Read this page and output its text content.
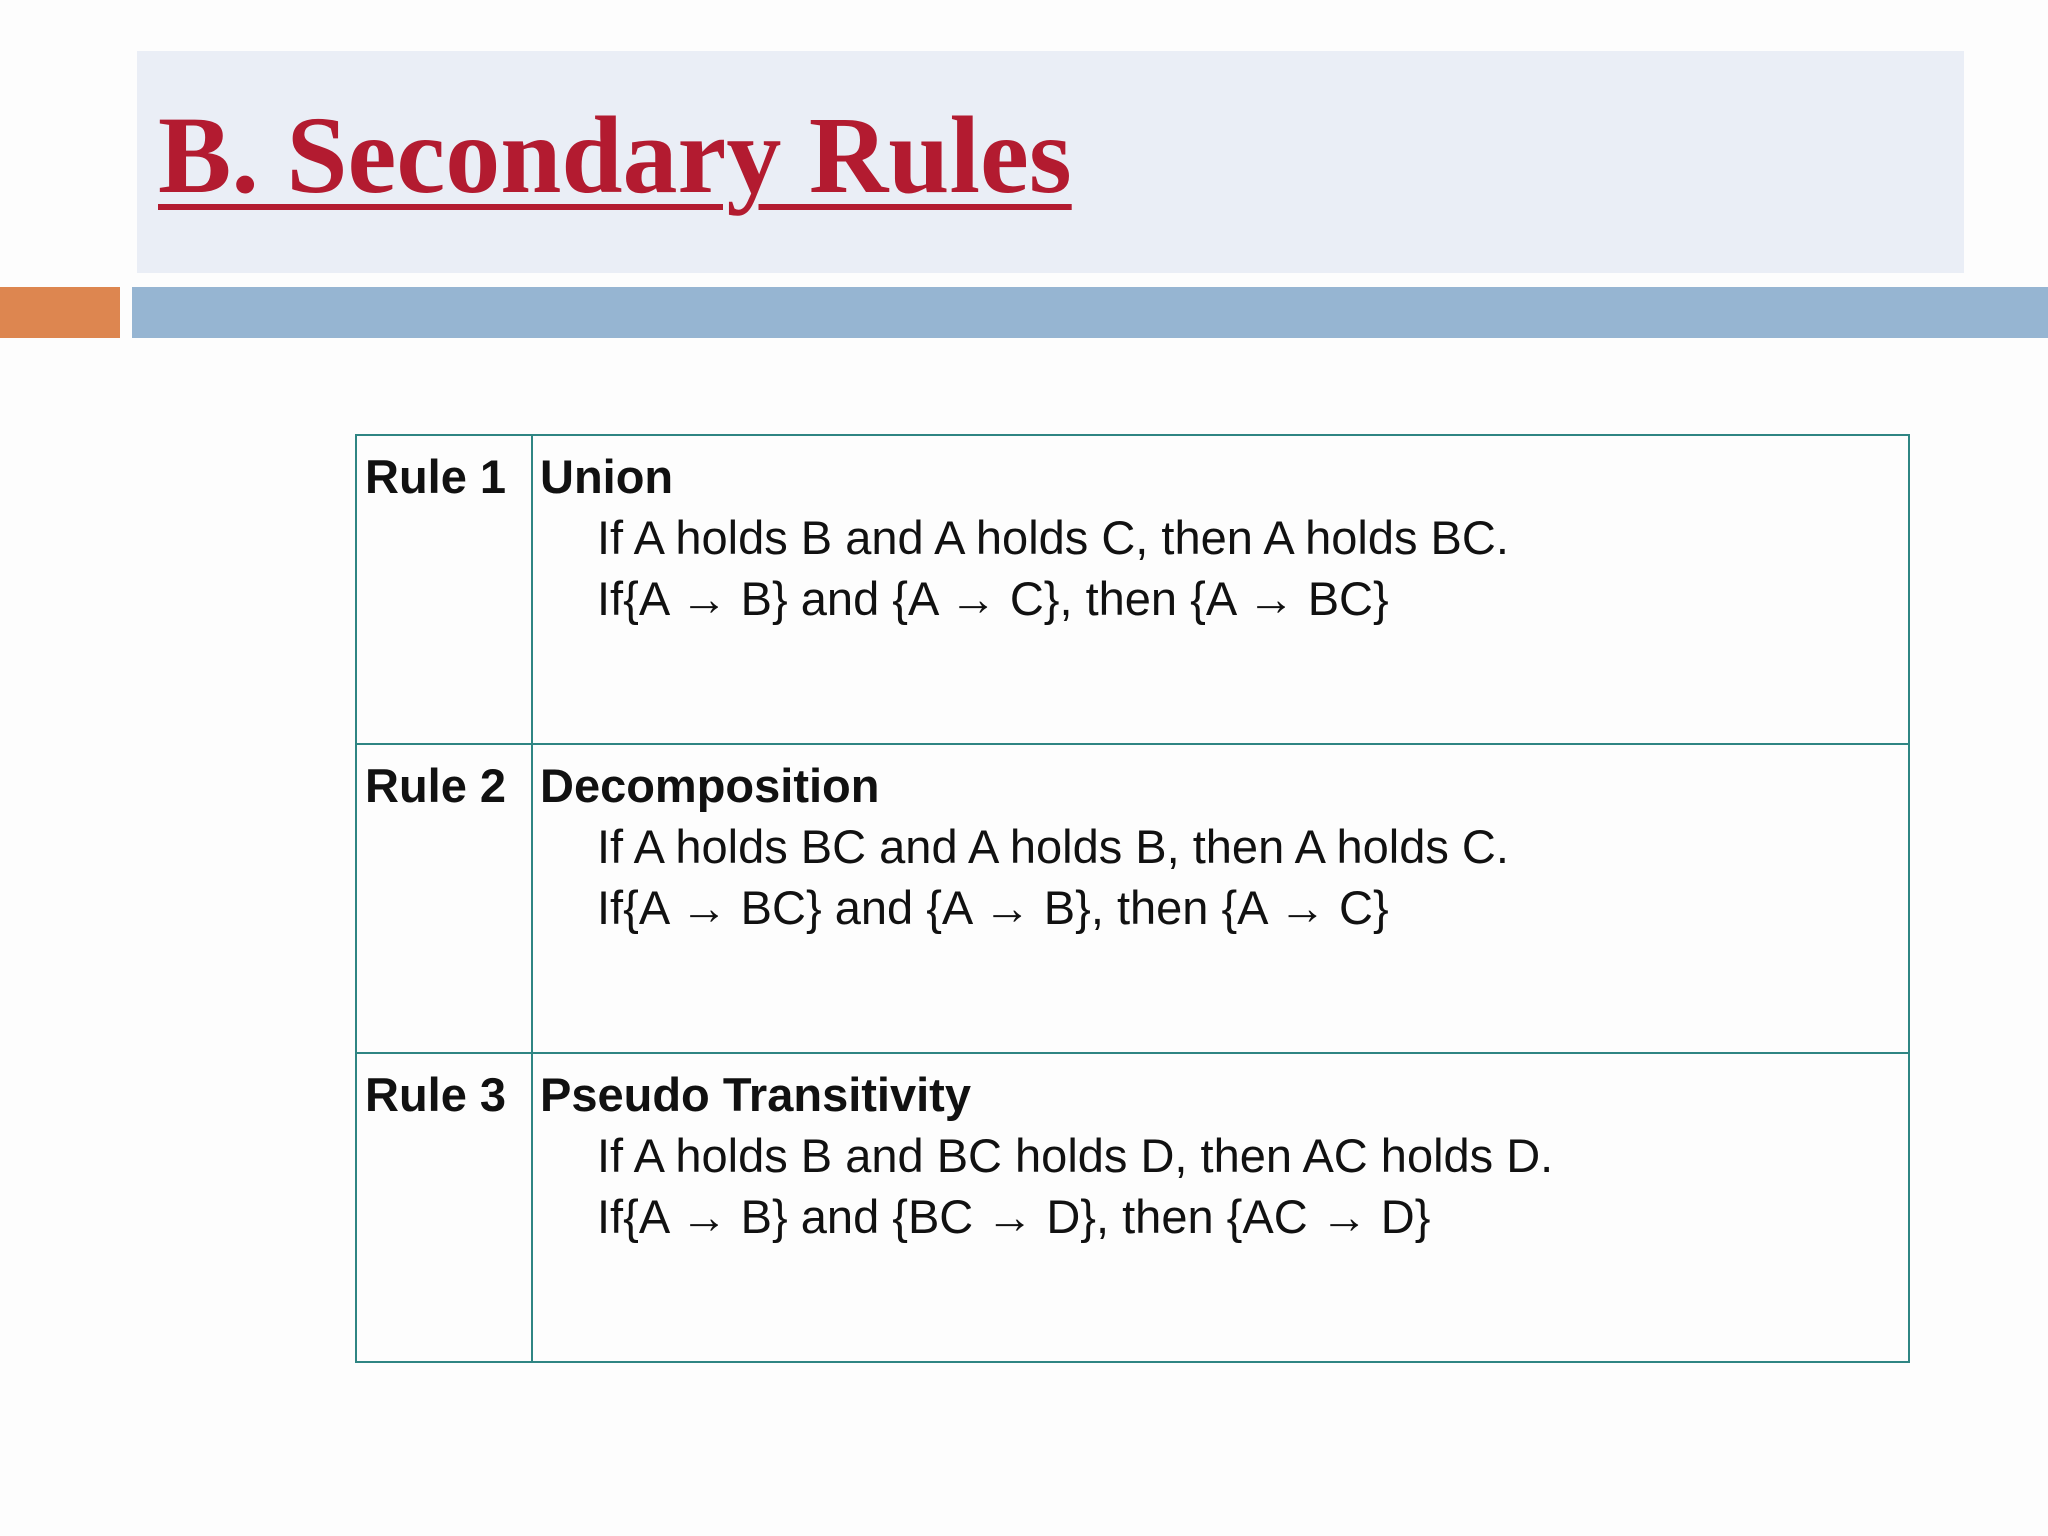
B. Secondary Rules
Rule 1	Union
If A holds B and A holds C, then A holds BC.
If{A → B} and {A → C}, then {A → BC}

Rule 2	Decomposition
If A holds BC and A holds B, then A holds C.
If{A → BC} and {A → B}, then {A → C}

Rule 3	Pseudo Transitivity
If A holds B and BC holds D, then AC holds D.
If{A → B} and {BC → D}, then {AC → D}
